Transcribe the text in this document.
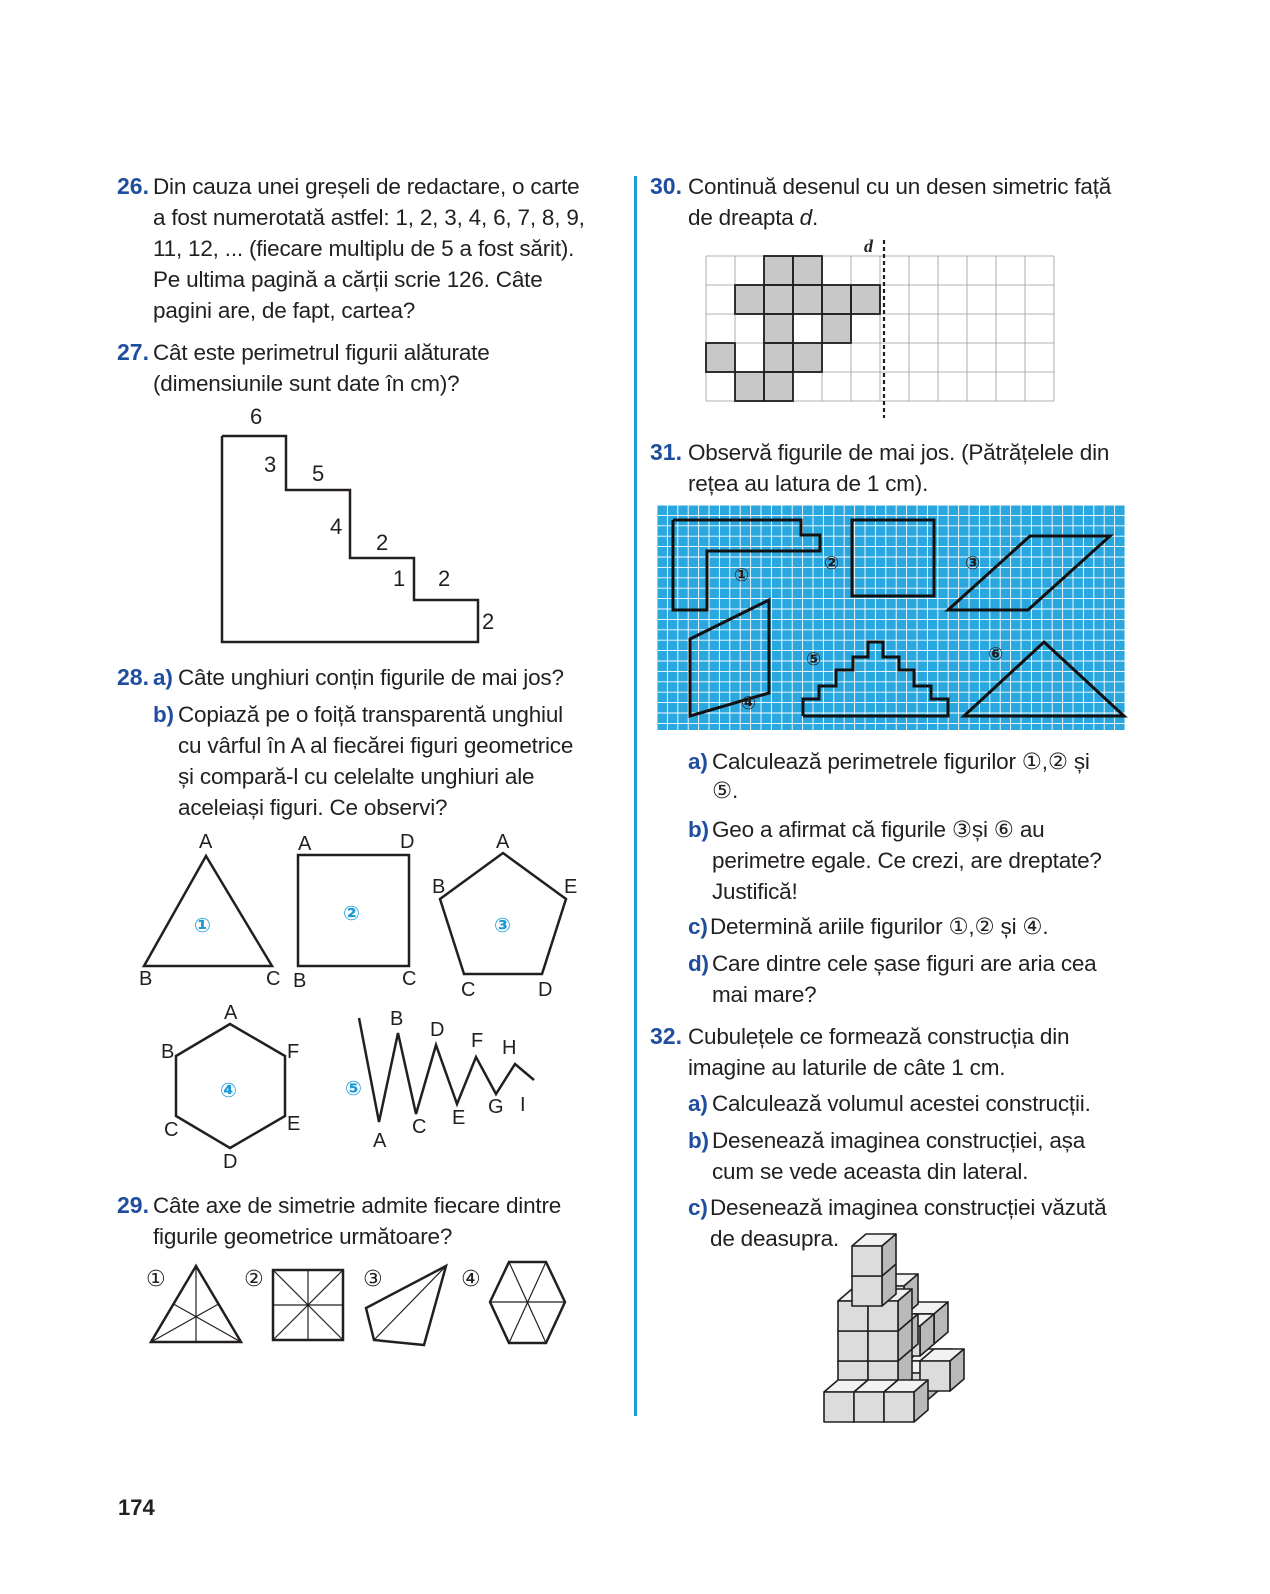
26. Din cauza unei greșeli de redactare, o carte
a fost numerotată astfel: 1, 2, 3, 4, 6, 7, 8, 9,
11, 12, ... (fiecare multiplu de 5 a fost sărit).
Pe ultima pagină a cărții scrie 126. Câte
pagini are, de fapt, cartea?
27. Cât este perimetrul figurii alăturate
(dimensiunile sunt date în cm)?
6
3 5
4
2
1 2
2
28. a) Câte unghiuri conțin figurile de mai jos?
b) Copiază pe o foiță transparentă unghiul
cu vârful în A al fiecărei figuri geometrice
și compară-l cu celelalte unghiuri ale
aceleiași figuri. Ce observi?
A
B	C
①
A	D
B	C
②
A
B	E
C	D
③
A
B	F
C	E
D
④	⑤
A
B
C
D
E
F
G
H
I
29. Câte axe de simetrie admite fiecare dintre
figurile geometrice următoare?
①	②	③	④
30. Continuă desenul cu un desen simetric față
de dreapta d.
d
31. Observă figurile de mai jos. (Pătrățelele din
rețea au latura de 1 cm).
①
②	③
④
⑤	⑥
a) Calculează perimetrele figurilor ①,② și
⑤.
b) Geo a afirmat că figurile ③și ⑥ au
perimetre egale. Ce crezi, are dreptate?
Justifică!
c) Determină ariile figurilor ①,② și ④.
d) Care dintre cele șase figuri are aria cea
mai mare?
32. Cubulețele ce formează construcția din
imagine au laturile de câte 1 cm.
a) Calculează volumul acestei construcții.
b) Desenează imaginea construcției, așa
cum se vede aceasta din lateral.
c) Desenează imaginea construcției văzută
de deasupra.
174
